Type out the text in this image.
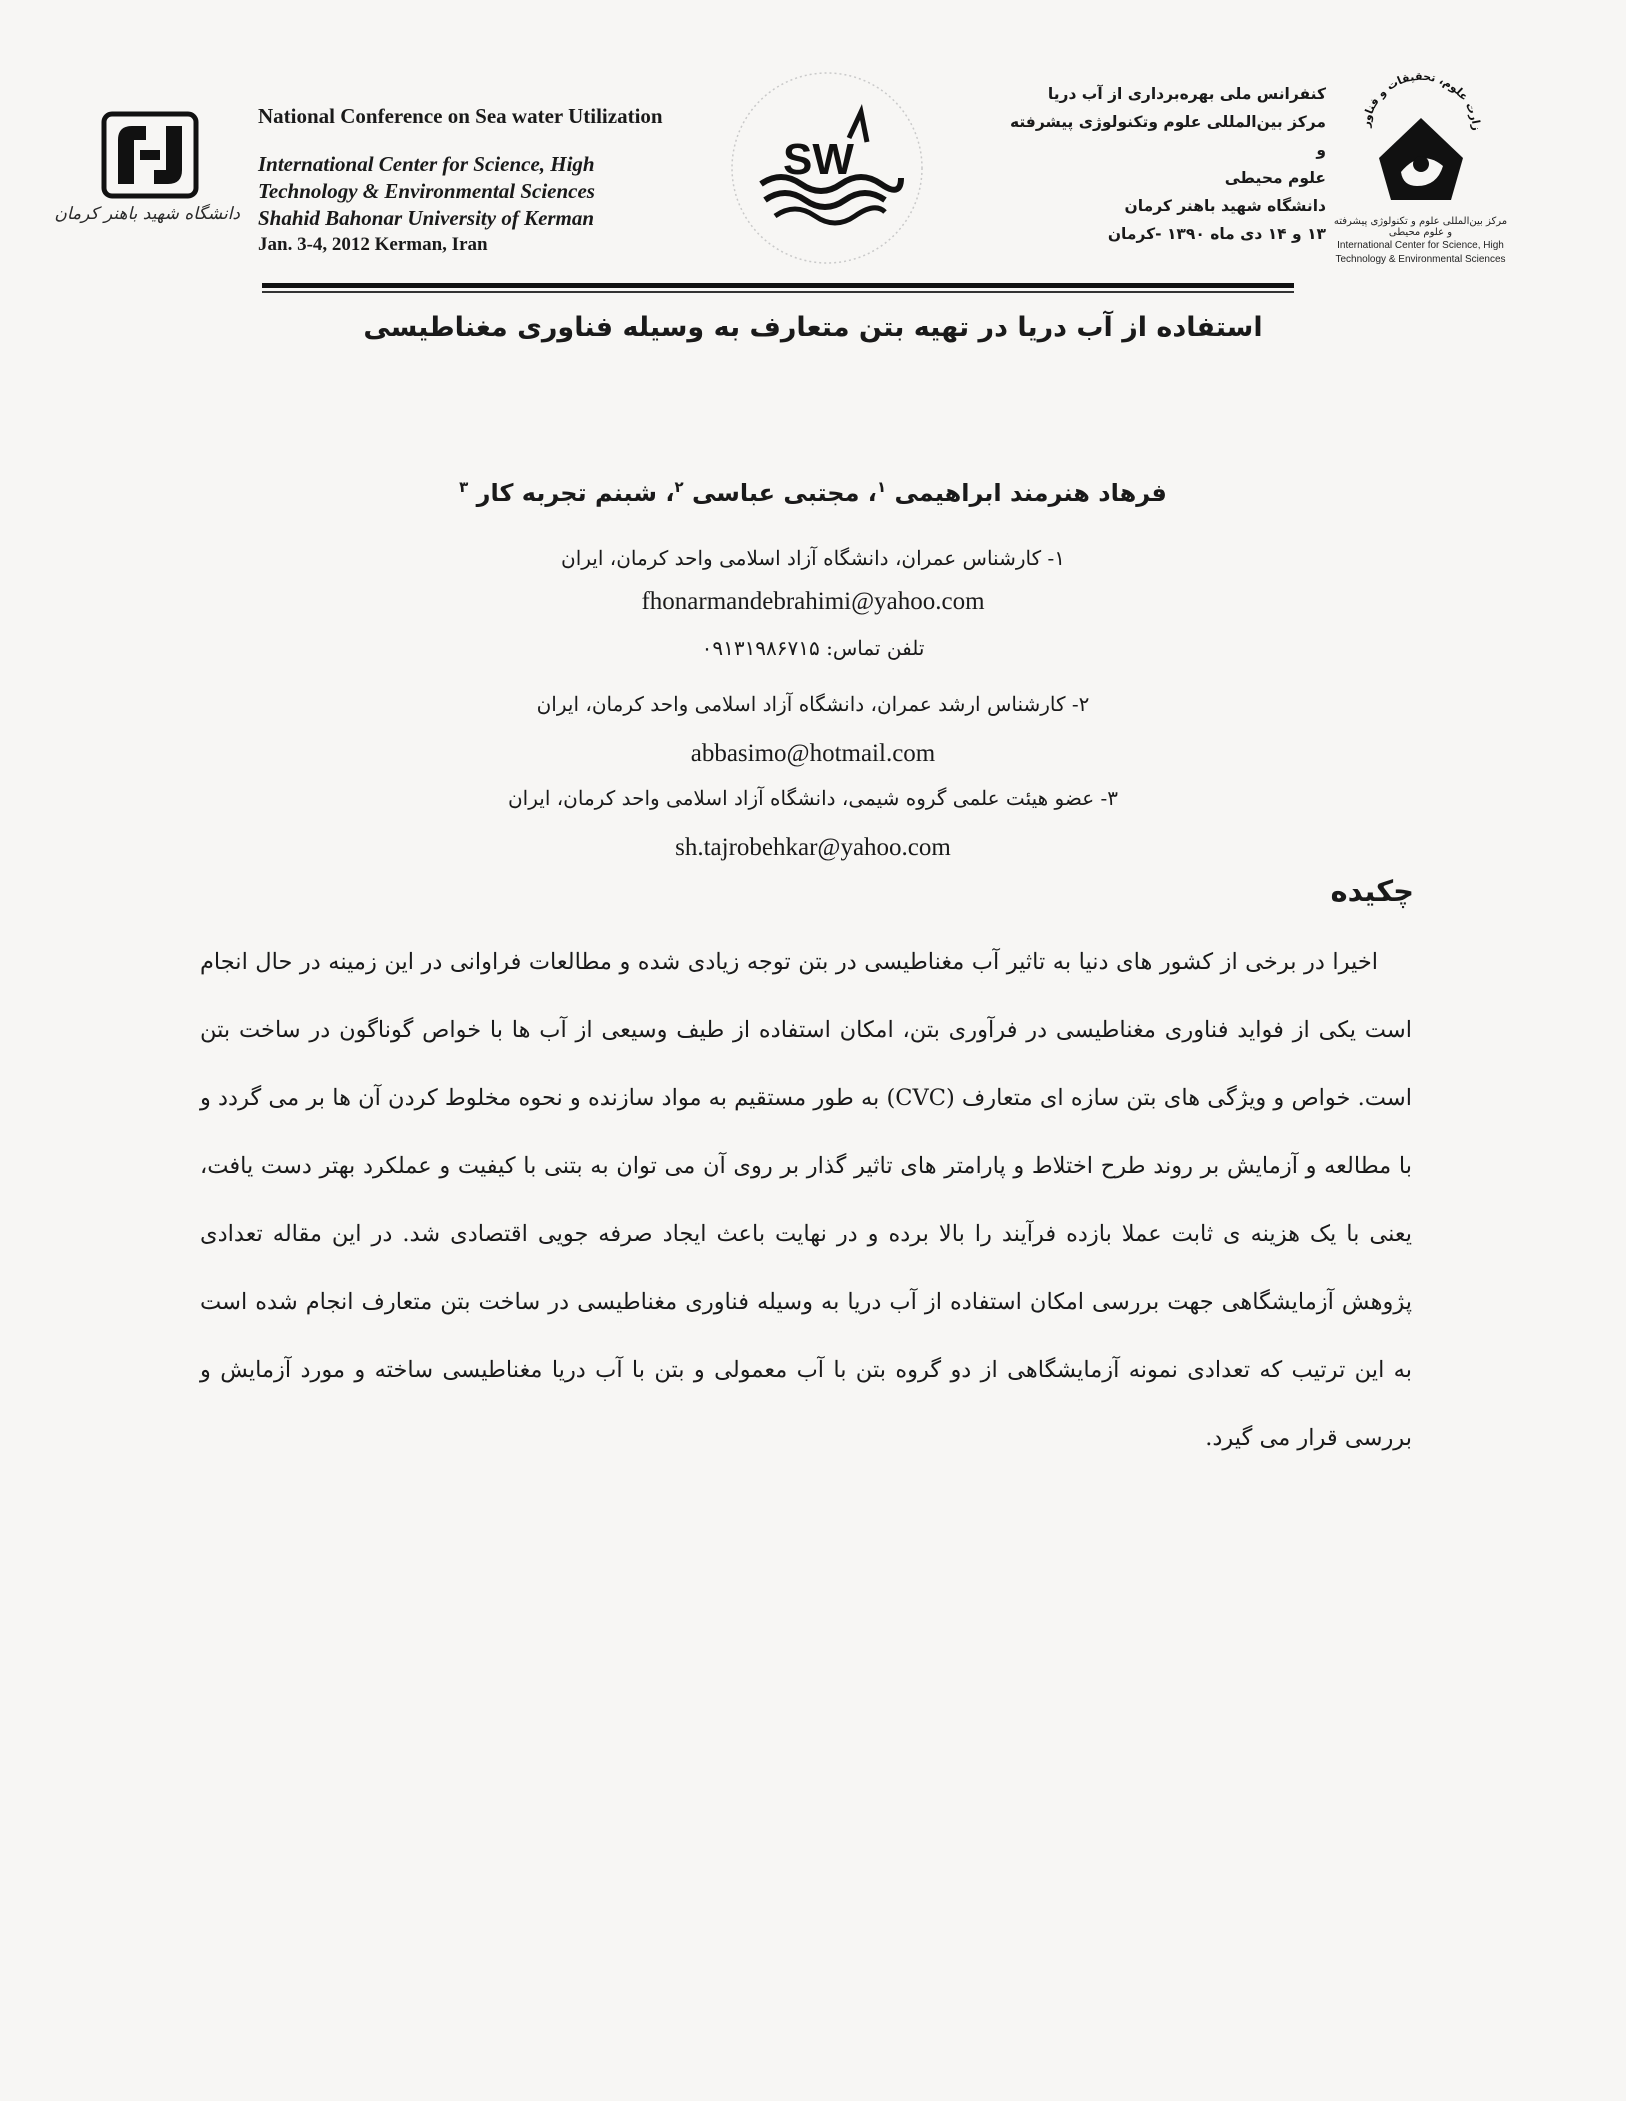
دانشگاه شهید باهنر کرمان
National Conference on Sea water Utilization
International Center for Science, High
Technology & Environmental Sciences
Shahid Bahonar University of Kerman
Jan. 3-4, 2012 Kerman, Iran
SW
کنفرانس ملی بهره‌برداری از آب دریا
مرکز بین‌المللی علوم وتکنولوژی پیشرفته و
علوم محیطی
دانشگاه شهید باهنر کرمان
۱۳ و ۱۴ دی ماه ۱۳۹۰ -کرمان
زارت علوم، تحقیقات و فناور
مرکز بین‌المللی علوم و تکنولوژی پیشرفته و علوم محیطی
International Center for Science, High
Technology & Environmental Sciences
استفاده از آب دریا در تهیه بتن متعارف به وسیله فناوری مغناطیسی
فرهاد هنرمند ابراهیمی $^۱$، مجتبی عباسی $^۲$، شبنم تجربه کار $^۳$
۱- کارشناس عمران، دانشگاه آزاد اسلامی واحد کرمان، ایران
fhonarmandebrahimi@yahoo.com
تلفن تماس: ۰۹۱۳۱۹۸۶۷۱۵
۲- کارشناس ارشد عمران، دانشگاه آزاد اسلامی واحد کرمان، ایران
abbasimo@hotmail.com
۳- عضو هیئت علمی گروه شیمی، دانشگاه آزاد اسلامی واحد کرمان، ایران
sh.tajrobehkar@yahoo.com
چکیده
اخیرا در برخی از کشور های دنیا به تاثیر آب مغناطیسی در بتن توجه زیادی شده و مطالعات فراوانی در این زمینه در حال انجام است یکی از فواید فناوری مغناطیسی در فرآوری بتن، امکان استفاده از طیف وسیعی از آب ها با خواص گوناگون در ساخت بتن است. خواص و ویژگی های بتن سازه ای متعارف (CVC) به طور مستقیم به مواد سازنده و نحوه مخلوط کردن آن ها بر می گردد و با مطالعه و آزمایش بر روند طرح اختلاط و پارامتر های تاثیر گذار بر روی آن می توان به بتنی با کیفیت و عملکرد بهتر دست یافت، یعنی با یک هزینه ی ثابت عملا بازده فرآیند را بالا برده و در نهایت باعث ایجاد صرفه جویی اقتصادی شد. در این مقاله تعدادی پژوهش آزمایشگاهی جهت بررسی امکان استفاده از آب دریا به وسیله فناوری مغناطیسی در ساخت بتن متعارف انجام شده است به این ترتیب که تعدادی نمونه آزمایشگاهی از دو گروه بتن با آب معمولی و بتن با آب دریا مغناطیسی ساخته و مورد آزمایش و بررسی قرار می گیرد.
